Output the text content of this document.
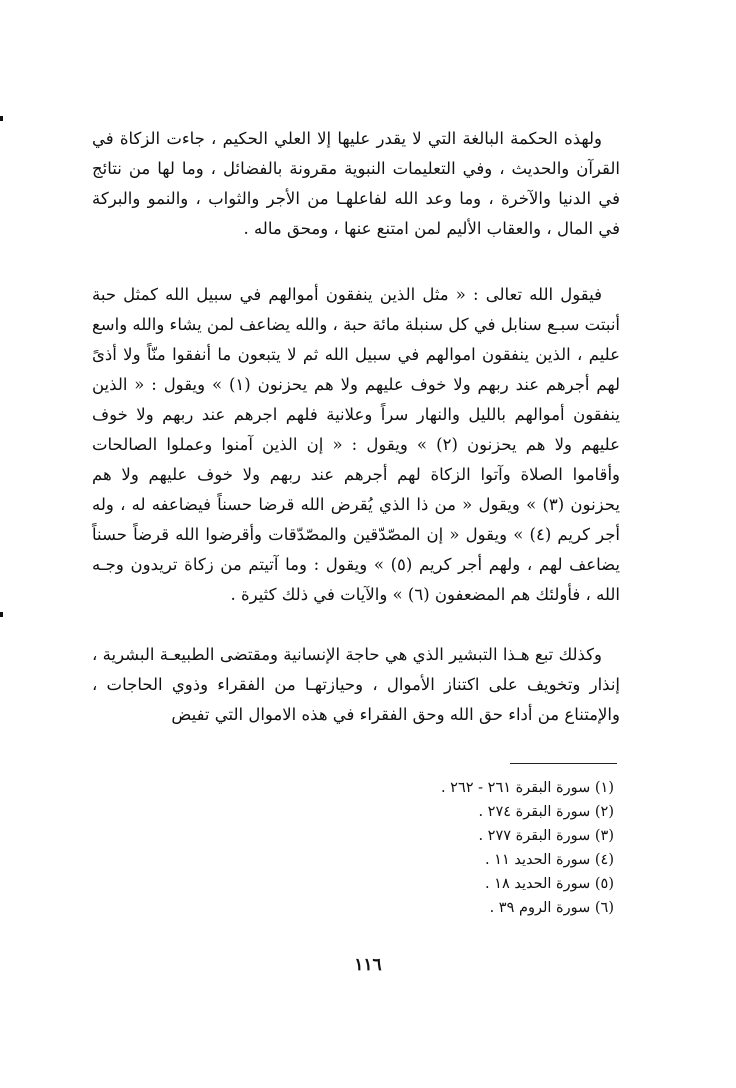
ولهذه الحكمة البالغة التي لا يقدر عليها إلا العلي الحكيم ، جاءت الزكاة في القرآن والحديث ، وفي التعليمات النبوية مقرونة بالفضائل ، وما لها من نتائج في الدنيا والآخرة ، وما وعد الله لفاعلهـا من الأجر والثواب ، والنمو والبركة في المال ، والعقاب الأليم لمن امتنع عنها ، ومحق ماله .

فيقول الله تعالى : « مثل الذين ينفقون أموالهم في سبيل الله كمثل حبة أنبتت سبـع سنابل في كل سنبلة مائة حبة ، والله يضاعف لمن يشاء والله واسع عليم ، الذين ينفقون اموالهم في سبيل الله ثم لا يتبعون ما أنفقوا منّاً ولا أذىً لهم أجرهم عند ربهم ولا خوف عليهم ولا هم يحزنون (١) » ويقول : « الذين ينفقون أموالهم بالليل والنهار سراً وعلانية فلهم اجرهم عند ربهم ولا خوف عليهم ولا هم يحزنون (٢) » ويقول : « إن الذين آمنوا وعملوا الصالحات وأقاموا الصلاة وآتوا الزكاة لهم أجرهم عند ربهم ولا خوف عليهم ولا هم يحزنون (٣) » ويقول « من ذا الذي يُقرض الله قرضا حسناً فيضاعفه له ، وله أجر كريم (٤) » ويقول « إن المصّدّقين والمصّدّقات وأقرضوا الله قرضاً حسناً يضاعف لهم ، ولهم أجر كريم (٥) » ويقول : وما آتيتم من زكاة تريدون وجـه الله ، فأولئك هم المضعفون (٦) » والآيات في ذلك كثيرة .

وكذلك تبع هـذا التبشير الذي هي حاجة الإنسانية ومقتضى الطبيعـة البشرية ، إنذار وتخويف على اكتناز الأموال ، وحيازتهـا من الفقراء وذوي الحاجات ، والإمتناع من أداء حق الله وحق الفقراء في هذه الاموال التي تفيض

(١) سورة البقرة ٢٦١ - ٢٦٢ .

(٢) سورة البقرة ٢٧٤ .

(٣) سورة البقرة ٢٧٧ .

(٤) سورة الحديد ١١ .

(٥) سورة الحديد ١٨ .

(٦) سورة الروم ٣٩ .

١١٦
